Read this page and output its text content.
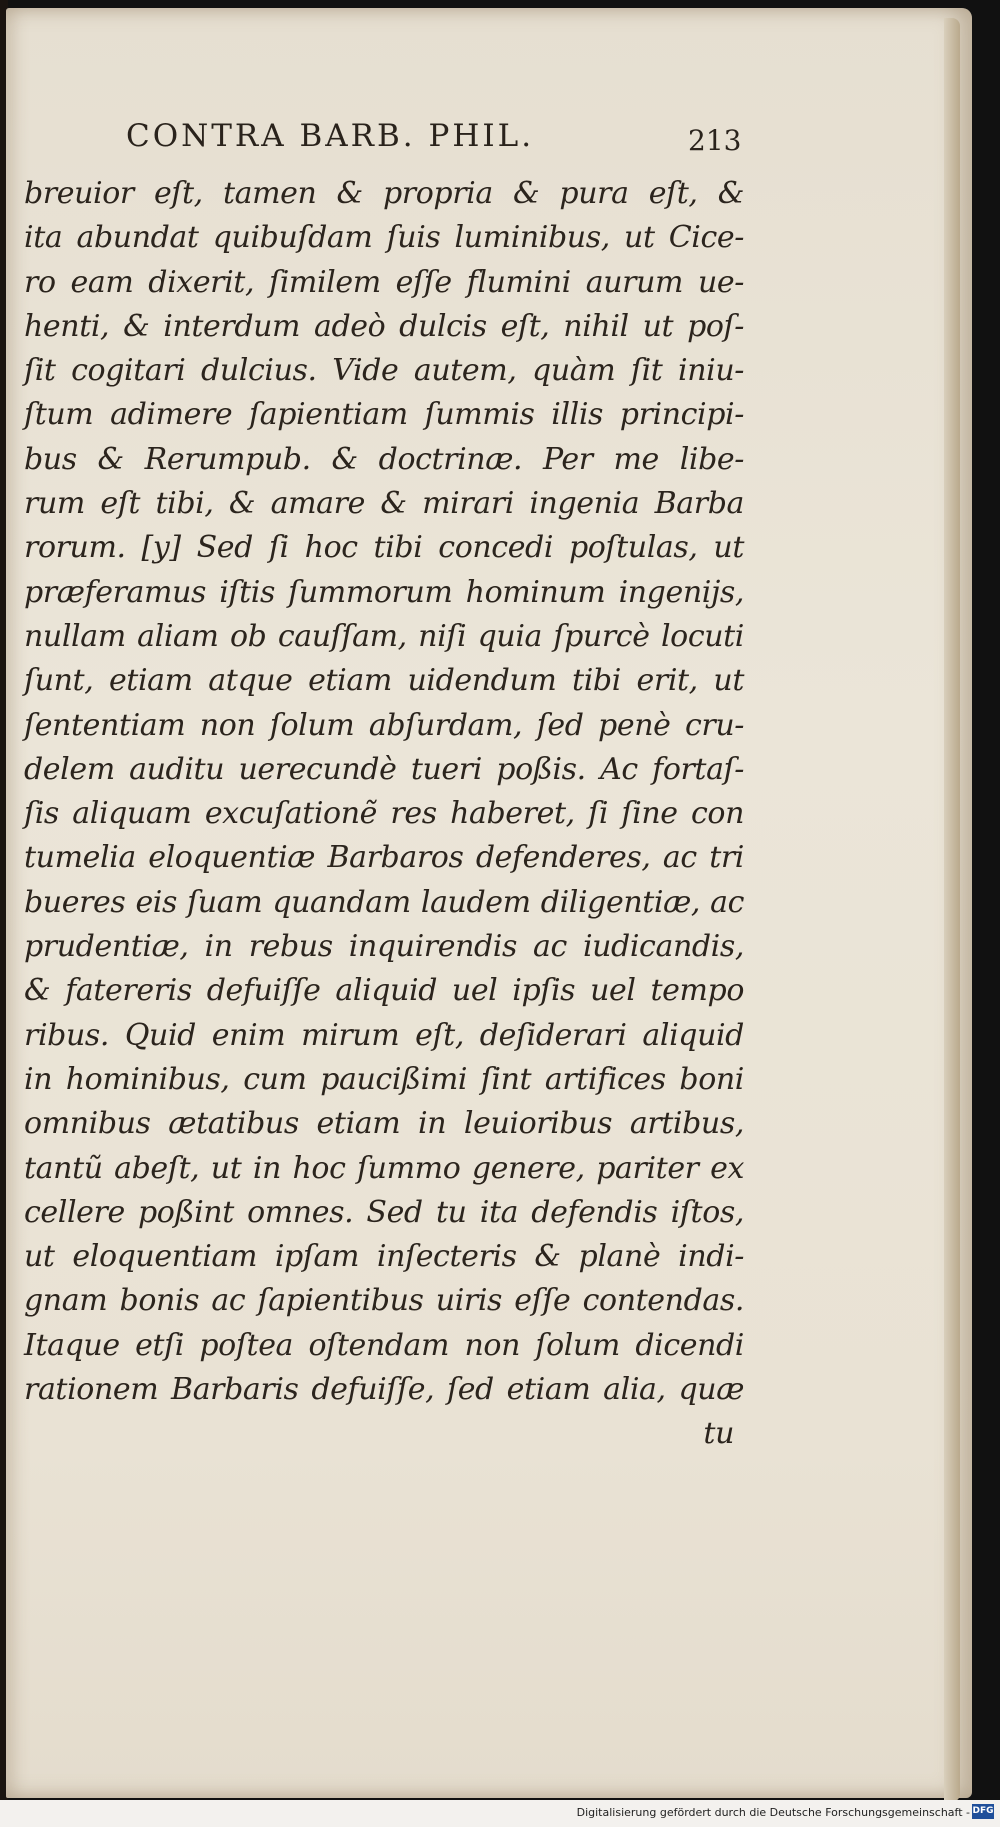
CONTRA BARB. PHIL.	213
breuior eſt, tamen & propria & pura eſt, &
ita abundat quibuſdam ſuis luminibus, ut Cice-
ro eam dixerit, ſimilem eſſe flumini aurum ue-
henti, & interdum adeò dulcis eſt, nihil ut poſ-
ſit cogitari dulcius. Vide autem, quàm ſit iniu-
ſtum adimere ſapientiam ſummis illis principi-
bus & Rerumpub. & doctrinæ. Per me libe-
rum eſt tibi, & amare & mirari ingenia Barba
rorum. [y] Sed ſi hoc tibi concedi poſtulas, ut
præferamus iſtis ſummorum hominum ingenijs,
nullam aliam ob cauſſam, niſi quia ſpurcè locuti
ſunt, etiam atque etiam uidendum tibi erit, ut
ſententiam non ſolum abſurdam, ſed penè cru-
delem auditu uerecundè tueri poßis. Ac fortaſ-
ſis aliquam excuſationẽ res haberet, ſi ſine con
tumelia eloquentiæ Barbaros defenderes, ac tri
bueres eis ſuam quandam laudem diligentiæ, ac
prudentiæ, in rebus inquirendis ac iudicandis,
& fatereris defuiſſe aliquid uel ipſis uel tempo
ribus. Quid enim mirum eſt, deſiderari aliquid
in hominibus, cum paucißimi ſint artifices boni
omnibus ætatibus etiam in leuioribus artibus,
tantũ abeſt, ut in hoc ſummo genere, pariter ex
cellere poßint omnes. Sed tu ita defendis iſtos,
ut eloquentiam ipſam inſecteris & planè indi-
gnam bonis ac ſapientibus uiris eſſe contendas.
Itaque etſi poſtea oſtendam non ſolum dicendi
rationem Barbaris defuiſſe, ſed etiam alia, quæ
tu
Digitalisierung gefördert durch die Deutsche Forschungsgemeinschaft - DFG
